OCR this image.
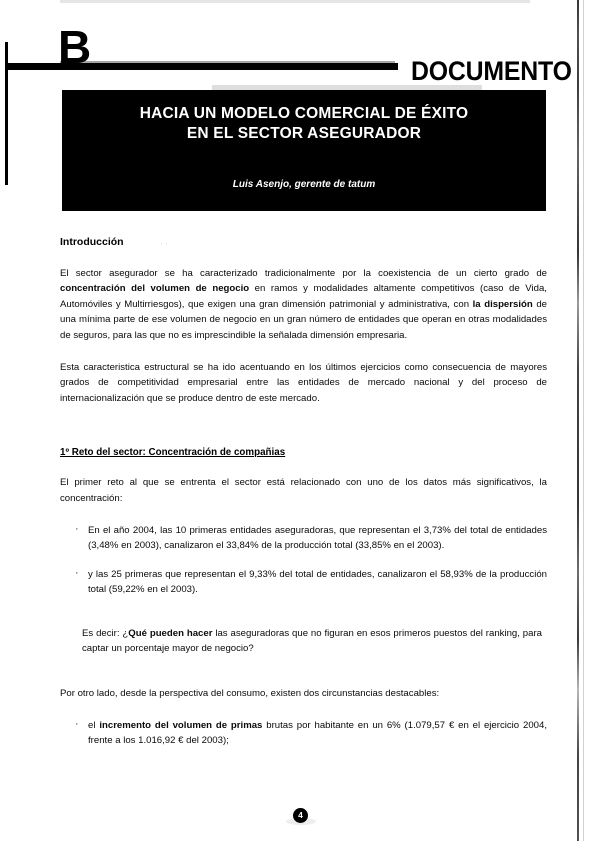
B	DOCUMENTO
HACIA UN MODELO COMERCIAL DE ÉXITO
EN EL SECTOR ASEGURADOR
Luis Asenjo, gerente de tatum
Introducción	··

El sector asegurador se ha caracterizado tradicionalmente por la coexistencia de un cierto grado de concentración del volumen de negocio en ramos y modalidades altamente competitivos (caso de Vida, Automóviles y Multirriesgos), que exigen una gran dimensión patrimonial y administrativa, con la dispersión de una mínima parte de ese volumen de negocio en un gran número de entidades que operan en otras modalidades de seguros, para las que no es imprescindible la señalada dimensión empresaria.

Esta caracteristica estructural se ha ido acentuando en los últimos ejercicios como consecuencia de mayores grados de competitividad empresarial entre las entidades de mercado nacional y del proceso de internacionalización que se produce dentro de este mercado.

1º Reto del sector: Concentración de compañias

El primer reto al que se entrenta el sector está relacionado con uno de los datos más significativos, la concentración:

· En el año 2004, las 10 primeras entidades aseguradoras, que representan el 3,73% del total de entidades (3,48% en 2003), canalizaron el 33,84% de la producción total (33,85% en el 2003).
· y las 25 primeras que representan el 9,33% del total de entidades, canalizaron el 58,93% de la producción total (59,22% en el 2003).

Es decir: ¿Qué pueden hacer las aseguradoras que no figuran en esos primeros puestos del ranking, para captar un porcentaje mayor de negocio?

Por otro lado, desde la perspectiva del consumo, existen dos circunstancias destacables:

· el incremento del volumen de primas brutas por habitante en un 6% (1.079,57 € en el ejercicio 2004, frente a los 1.016,92 € del 2003);
4
